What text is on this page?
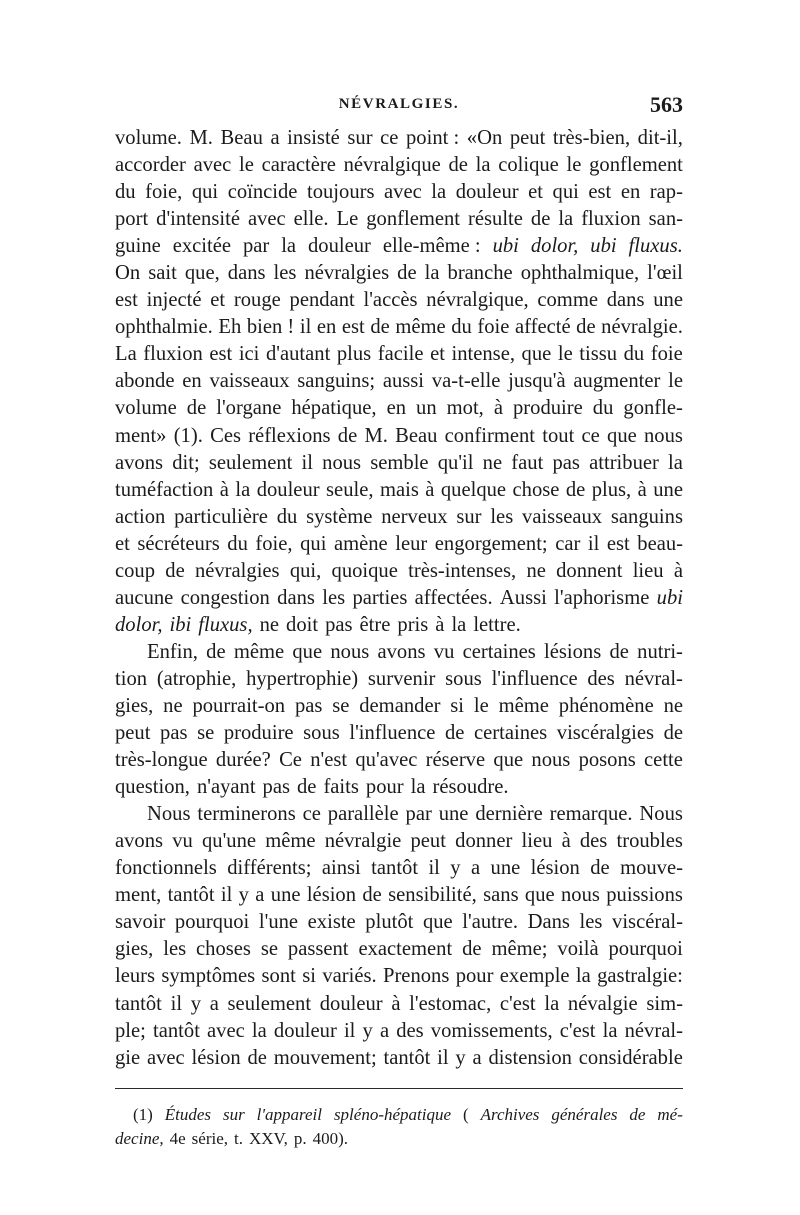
NÉVRALGIES.	563
volume. M. Beau a insisté sur ce point : «On peut très-bien, dit-il,
accorder avec le caractère névralgique de la colique le gonflement
du foie, qui coïncide toujours avec la douleur et qui est en rap-
port d'intensité avec elle. Le gonflement résulte de la fluxion san-
guine excitée par la douleur elle-même : ubi dolor, ubi fluxus.
On sait que, dans les névralgies de la branche ophthalmique, l'œil
est injecté et rouge pendant l'accès névralgique, comme dans une
ophthalmie. Eh bien ! il en est de même du foie affecté de névralgie.
La fluxion est ici d'autant plus facile et intense, que le tissu du foie
abonde en vaisseaux sanguins; aussi va-t-elle jusqu'à augmenter le
volume de l'organe hépatique, en un mot, à produire du gonfle-
ment» (1). Ces réflexions de M. Beau confirment tout ce que nous
avons dit; seulement il nous semble qu'il ne faut pas attribuer la
tuméfaction à la douleur seule, mais à quelque chose de plus, à une
action particulière du système nerveux sur les vaisseaux sanguins
et sécréteurs du foie, qui amène leur engorgement; car il est beau-
coup de névralgies qui, quoique très-intenses, ne donnent lieu à
aucune congestion dans les parties affectées. Aussi l'aphorisme ubi
dolor, ibi fluxus, ne doit pas être pris à la lettre.
Enfin, de même que nous avons vu certaines lésions de nutri-
tion (atrophie, hypertrophie) survenir sous l'influence des névral-
gies, ne pourrait-on pas se demander si le même phénomène ne
peut pas se produire sous l'influence de certaines viscéralgies de
très-longue durée? Ce n'est qu'avec réserve que nous posons cette
question, n'ayant pas de faits pour la résoudre.
Nous terminerons ce parallèle par une dernière remarque. Nous
avons vu qu'une même névralgie peut donner lieu à des troubles
fonctionnels différents; ainsi tantôt il y a une lésion de mouve-
ment, tantôt il y a une lésion de sensibilité, sans que nous puissions
savoir pourquoi l'une existe plutôt que l'autre. Dans les viscéral-
gies, les choses se passent exactement de même; voilà pourquoi
leurs symptômes sont si variés. Prenons pour exemple la gastralgie:
tantôt il y a seulement douleur à l'estomac, c'est la névalgie sim-
ple; tantôt avec la douleur il y a des vomissements, c'est la névral-
gie avec lésion de mouvement; tantôt il y a distension considérable
(1) Études sur l'appareil spléno-hépatique ( Archives générales de mé-
decine, 4e série, t. XXV, p. 400).
